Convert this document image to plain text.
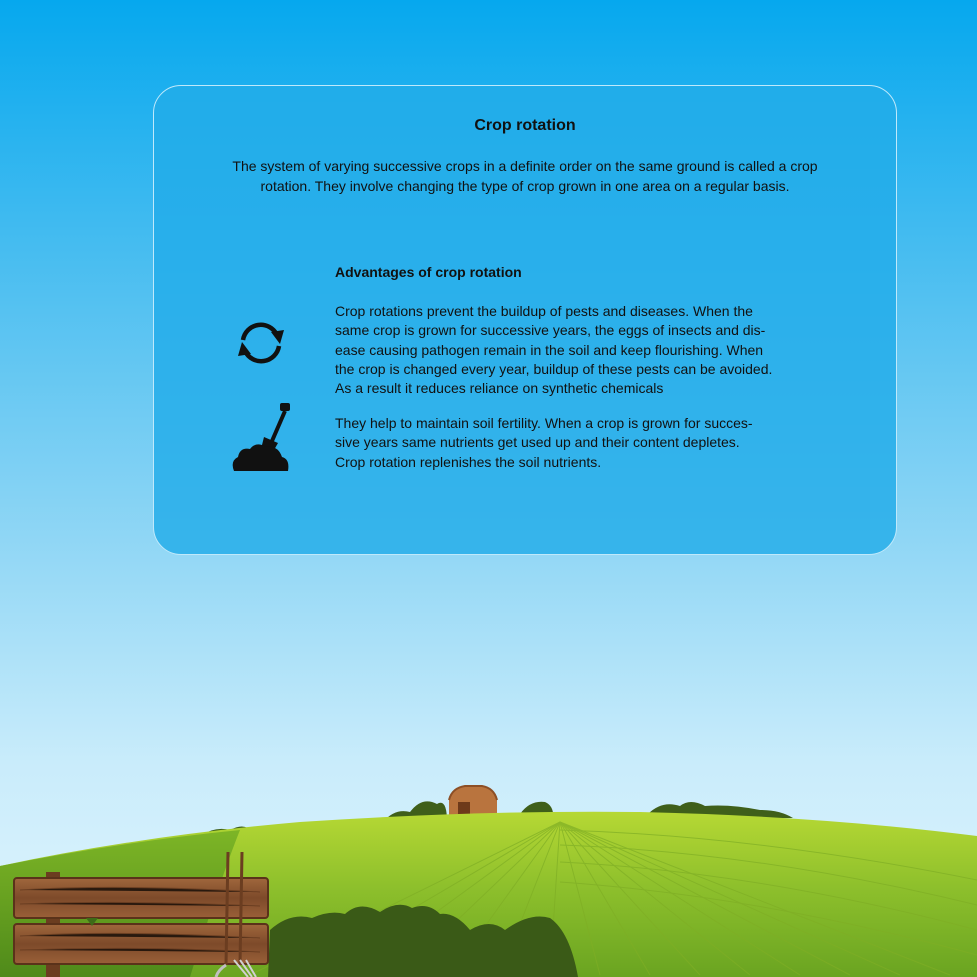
Crop rotation
The system of varying successive crops in a definite order on the same ground is called a crop
rotation. They involve changing the type of crop grown in one area on a regular basis.
Advantages of crop rotation
Crop rotations prevent the buildup of pests and diseases. When the
same crop is grown for successive years, the eggs of insects and dis-
ease causing pathogen remain in the soil and keep flourishing. When
the crop is changed every year, buildup of these pests can be avoided.
As a result it reduces reliance on synthetic chemicals
They help to maintain soil fertility. When a crop is grown for succes-
sive years same nutrients get used up and their content depletes.
Crop rotation replenishes the soil nutrients.
